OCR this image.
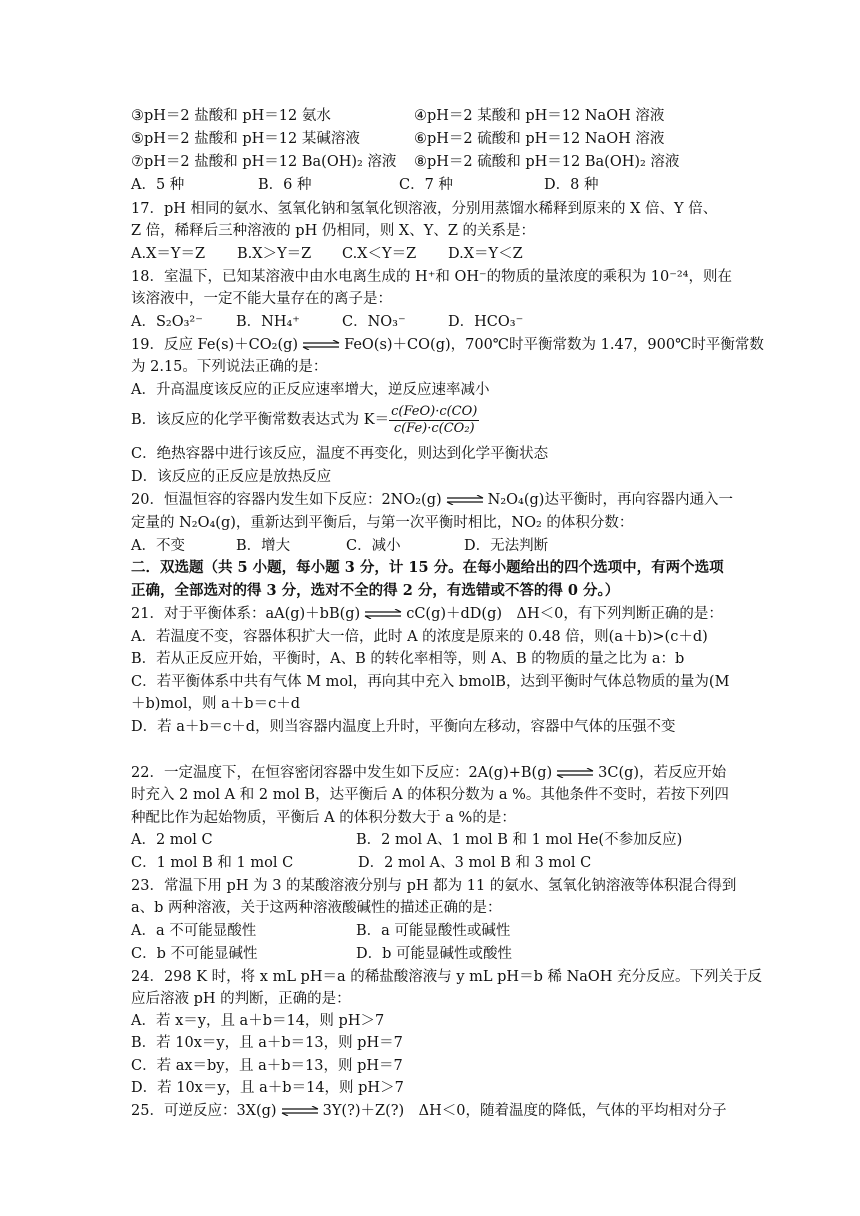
③pH＝2 盐酸和 pH＝12 氨水	④pH＝2 某酸和 pH＝12 NaOH 溶液
⑤pH＝2 盐酸和 pH＝12 某碱溶液	⑥pH＝2 硫酸和 pH＝12 NaOH 溶液
⑦pH＝2 盐酸和 pH＝12 Ba(OH)₂ 溶液 ⑧pH＝2 硫酸和 pH＝12 Ba(OH)₂ 溶液
A．5 种	B．6 种	C．7 种	D．8 种
17．pH 相同的氨水、氢氧化钠和氢氧化钡溶液，分别用蒸馏水稀释到原来的 X 倍、Y 倍、
Z 倍，稀释后三种溶液的 pH 仍相同，则 X、Y、Z 的关系是：
A.X＝Y＝Z B.X＞Y＝Z C.X＜Y＝Z D.X＝Y＜Z
18．室温下，已知某溶液中由水电离生成的 H⁺和 OH⁻的物质的量浓度的乘积为 10⁻²⁴，则在
该溶液中，一定不能大量存在的离子是：
A．S₂O₃²⁻ B．NH₄⁺	C．NO₃⁻	D．HCO₃⁻
19．反应 Fe(s)＋CO₂(g)	FeO(s)＋CO(g)，700℃时平衡常数为 1.47，900℃时平衡常数
为 2.15。下列说法正确的是：
A．升高温度该反应的正反应速率增大，逆反应速率减小
B．该反应的化学平衡常数表达式为 $K= \frac{\text{c(FeO)·c(CO)}}{\text{c(Fe)·c(CO₂)}}$
C．绝热容器中进行该反应，温度不再变化，则达到化学平衡状态
D．该反应的正反应是放热反应
20．恒温恒容的容器内发生如下反应：2NO₂(g)	N₂O₄(g)达平衡时，再向容器内通入一
定量的 N₂O₄(g)，重新达到平衡后，与第一次平衡时相比，NO₂ 的体积分数：
A．不变	B．增大	C．减小	D．无法判断
二．双选题（共 5 小题，每小题 3 分，计 15 分。在每小题给出的四个选项中，有两个选项
正确，全部选对的得 3 分，选对不全的得 2 分，有选错或不答的得 0 分。）
21．对于平衡体系：aA(g)＋bB(g)	cC(g)＋dD(g)　ΔH＜0，有下列判断正确的是：
A．若温度不变，容器体积扩大一倍，此时 A 的浓度是原来的 0.48 倍，则(a＋b)>(c＋d)
B．若从正反应开始，平衡时，A、B 的转化率相等，则 A、B 的物质的量之比为 a：b
C．若平衡体系中共有气体 M mol，再向其中充入 bmolB，达到平衡时气体总物质的量为(M
＋b)mol，则 a＋b＝c＋d
D．若 a＋b＝c＋d，则当容器内温度上升时，平衡向左移动，容器中气体的压强不变
22．一定温度下，在恒容密闭容器中发生如下反应：2A(g)+B(g)	3C(g)，若反应开始
时充入 2 mol A 和 2 mol B，达平衡后 A 的体积分数为 a %。其他条件不变时，若按下列四
种配比作为起始物质，平衡后 A 的体积分数大于 a %的是：
A．2 mol C	B．2 mol A、1 mol B 和 1 mol He(不参加反应)
C．1 mol B 和 1 mol C	D．2 mol A、3 mol B 和 3 mol C
23．常温下用 pH 为 3 的某酸溶液分别与 pH 都为 11 的氨水、氢氧化钠溶液等体积混合得到
a、b 两种溶液，关于这两种溶液酸碱性的描述正确的是：
A．a 不可能显酸性	B．a 可能显酸性或碱性
C．b 不可能显碱性	D．b 可能显碱性或酸性
24．298 K 时，将 x mL pH＝a 的稀盐酸溶液与 y mL pH＝b 稀 NaOH 充分反应。下列关于反
应后溶液 pH 的判断，正确的是：
A．若 x＝y，且 a＋b＝14，则 pH＞7
B．若 10x＝y，且 a＋b＝13，则 pH＝7
C．若 ax＝by，且 a＋b＝13，则 pH＝7
D．若 10x＝y，且 a＋b＝14，则 pH＞7
25．可逆反应：3X(g)	3Y(?)＋Z(?)　ΔH＜0，随着温度的降低，气体的平均相对分子
